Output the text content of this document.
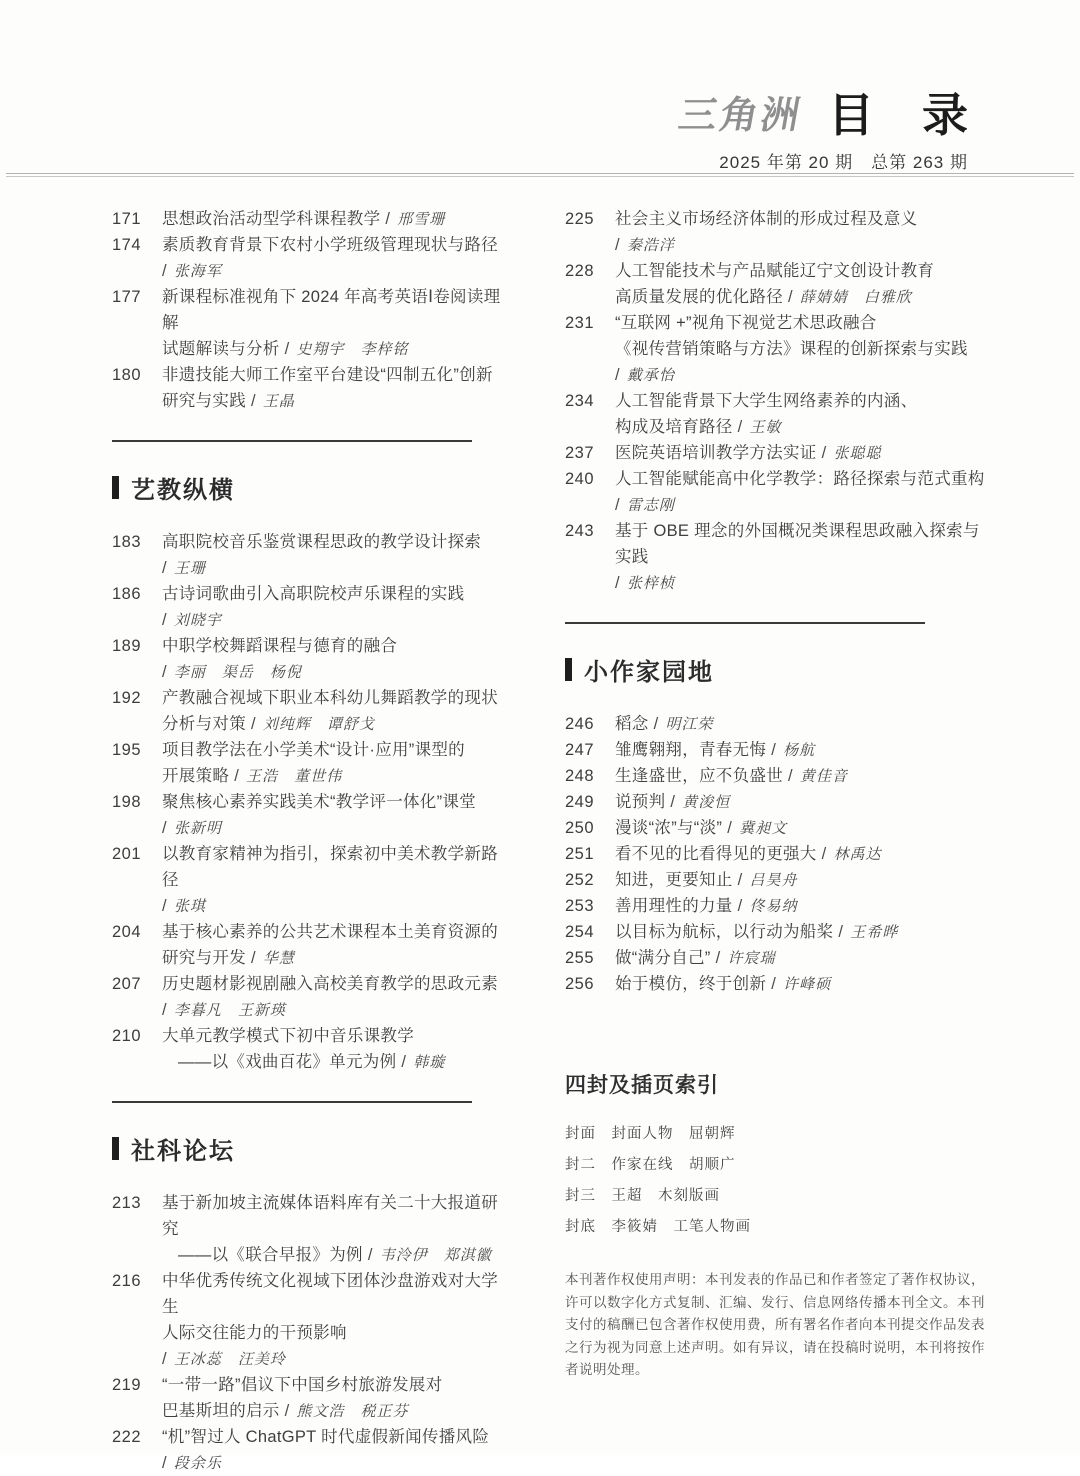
三角洲 目 录
2025 年第 20 期　总第 263 期
171	思想政治活动型学科课程教学 / 邢雪珊
174	素质教育背景下农村小学班级管理现状与路径
/ 张海军
177	新课程标准视角下 2024 年高考英语Ⅰ卷阅读理解
试题解读与分析 / 史翔宇　李梓铭
180	非遗技能大师工作室平台建设“四制五化”创新
研究与实践 / 王晶
艺教纵横
183	高职院校音乐鉴赏课程思政的教学设计探索
/ 王珊
186	古诗词歌曲引入高职院校声乐课程的实践
/ 刘晓宇
189	中职学校舞蹈课程与德育的融合
/ 李丽　渠岳　杨倪
192	产教融合视域下职业本科幼儿舞蹈教学的现状
分析与对策 / 刘纯辉　谭舒戈
195	项目教学法在小学美术“设计·应用”课型的
开展策略 / 王浩　董世伟
198	聚焦核心素养实践美术“教学评一体化”课堂
/ 张新明
201	以教育家精神为指引，探索初中美术教学新路径
/ 张琪
204	基于核心素养的公共艺术课程本土美育资源的
研究与开发 / 华慧
207	历史题材影视剧融入高校美育教学的思政元素
/ 李暮凡　王新瑛
210	大单元教学模式下初中音乐课教学
——以《戏曲百花》单元为例 / 韩璇
社科论坛
213	基于新加坡主流媒体语料库有关二十大报道研究
——以《联合早报》为例 / 韦泠伊　郑淇徽
216	中华优秀传统文化视域下团体沙盘游戏对大学生
人际交往能力的干预影响
/ 王冰蕊　汪美玲
219	“一带一路”倡议下中国乡村旅游发展对
巴基斯坦的启示 / 熊文浩　税正芬
222	“机”智过人 ChatGPT 时代虚假新闻传播风险
/ 段余乐
225	社会主义市场经济体制的形成过程及意义
/ 秦浩洋
228	人工智能技术与产品赋能辽宁文创设计教育
高质量发展的优化路径 / 薛婧婧　白雅欣
231	“互联网 +”视角下视觉艺术思政融合
《视传营销策略与方法》课程的创新探索与实践
/ 戴承怡
234	人工智能背景下大学生网络素养的内涵、
构成及培育路径 / 王敏
237	医院英语培训教学方法实证 / 张聪聪
240	人工智能赋能高中化学教学：路径探索与范式重构
/ 雷志刚
243	基于 OBE 理念的外国概况类课程思政融入探索与实践
/ 张梓桢
小作家园地
246	稻念 / 明江荣
247	雏鹰翱翔，青春无悔 / 杨航
248	生逢盛世，应不负盛世 / 黄佳音
249	说预判 / 黄浚恒
250	漫谈“浓”与“淡” / 冀昶文
251	看不见的比看得见的更强大 / 林禹达
252	知进，更要知止 / 吕昊舟
253	善用理性的力量 / 佟易纳
254	以目标为航标，以行动为船桨 / 王希晔
255	做“满分自己” / 许宸瑞
256	始于模仿，终于创新 / 许峰硕
四封及插页索引
封面　封面人物　屈朝辉
封二　作家在线　胡顺广
封三　王超　木刻版画
封底　李筱婧　工笔人物画
本刊著作权使用声明：本刊发表的作品已和作者签定了著作权协议，许可以数字化方式复制、汇编、发行、信息网络传播本刊全文。本刊支付的稿酬已包含著作权使用费，所有署名作者向本刊提交作品发表之行为视为同意上述声明。如有异议，请在投稿时说明，本刊将按作者说明处理。
